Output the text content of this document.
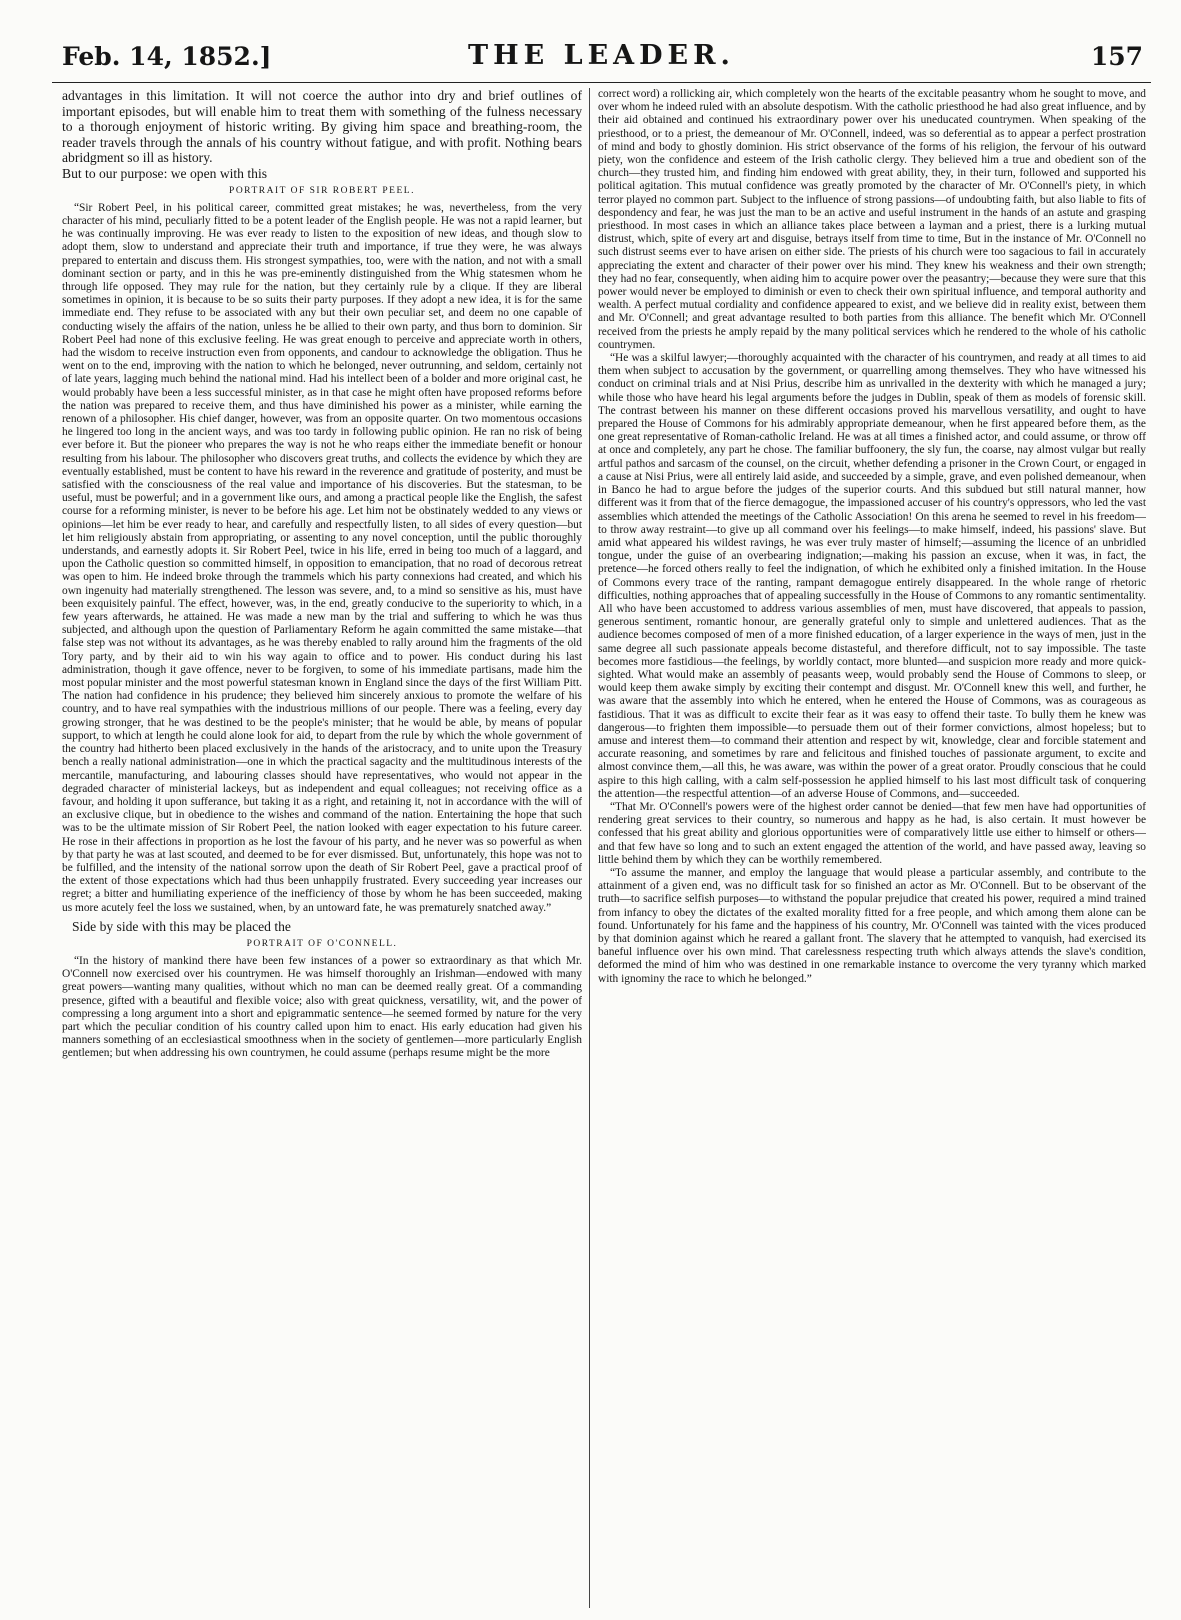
Feb. 14, 1852.]	THE LEADER.	157

advantages in this limitation. It will not coerce the author into dry and brief outlines of important episodes, but will enable him to treat them with something of the fulness necessary to a thorough enjoyment of historic writing. By giving him space and breathing-room, the reader travels through the annals of his country without fatigue, and with profit. Nothing bears abridgment so ill as history.

But to our purpose: we open with this

PORTRAIT OF SIR ROBERT PEEL.

“Sir Robert Peel, in his political career, committed great mistakes; he was, nevertheless, from the very character of his mind, peculiarly fitted to be a potent leader of the English people. He was not a rapid learner, but he was continually improving. He was ever ready to listen to the exposition of new ideas, and though slow to adopt them, slow to understand and appreciate their truth and importance, if true they were, he was always prepared to entertain and discuss them. His strongest sympathies, too, were with the nation, and not with a small dominant section or party, and in this he was pre-eminently distinguished from the Whig statesmen whom he through life opposed. They may rule for the nation, but they certainly rule by a clique. If they are liberal sometimes in opinion, it is because to be so suits their party purposes. If they adopt a new idea, it is for the same immediate end. They refuse to be associated with any but their own peculiar set, and deem no one capable of conducting wisely the affairs of the nation, unless he be allied to their own party, and thus born to dominion. Sir Robert Peel had none of this exclusive feeling. He was great enough to perceive and appreciate worth in others, had the wisdom to receive instruction even from opponents, and candour to acknowledge the obligation. Thus he went on to the end, improving with the nation to which he belonged, never outrunning, and seldom, certainly not of late years, lagging much behind the national mind. Had his intellect been of a bolder and more original cast, he would probably have been a less successful minister, as in that case he might often have proposed reforms before the nation was prepared to receive them, and thus have diminished his power as a minister, while earning the renown of a philosopher. His chief danger, however, was from an opposite quarter. On two momentous occasions he lingered too long in the ancient ways, and was too tardy in following public opinion. He ran no risk of being ever before it. But the pioneer who prepares the way is not he who reaps either the immediate benefit or honour resulting from his labour. The philosopher who discovers great truths, and collects the evidence by which they are eventually established, must be content to have his reward in the reverence and gratitude of posterity, and must be satisfied with the consciousness of the real value and importance of his discoveries. But the statesman, to be useful, must be powerful; and in a government like ours, and among a practical people like the English, the safest course for a reforming minister, is never to be before his age. Let him not be obstinately wedded to any views or opinions—let him be ever ready to hear, and carefully and respectfully listen, to all sides of every question—but let him religiously abstain from appropriating, or assenting to any novel conception, until the public thoroughly understands, and earnestly adopts it. Sir Robert Peel, twice in his life, erred in being too much of a laggard, and upon the Catholic question so committed himself, in opposition to emancipation, that no road of decorous retreat was open to him. He indeed broke through the trammels which his party connexions had created, and which his own ingenuity had materially strengthened. The lesson was severe, and, to a mind so sensitive as his, must have been exquisitely painful. The effect, however, was, in the end, greatly conducive to the superiority to which, in a few years afterwards, he attained. He was made a new man by the trial and suffering to which he was thus subjected, and although upon the question of Parliamentary Reform he again committed the same mistake—that false step was not without its advantages, as he was thereby enabled to rally around him the fragments of the old Tory party, and by their aid to win his way again to office and to power. His conduct during his last administration, though it gave offence, never to be forgiven, to some of his immediate partisans, made him the most popular minister and the most powerful statesman known in England since the days of the first William Pitt. The nation had confidence in his prudence; they believed him sincerely anxious to promote the welfare of his country, and to have real sympathies with the industrious millions of our people. There was a feeling, every day growing stronger, that he was destined to be the people's minister; that he would be able, by means of popular support, to which at length he could alone look for aid, to depart from the rule by which the whole government of the country had hitherto been placed exclusively in the hands of the aristocracy, and to unite upon the Treasury bench a really national administration—one in which the practical sagacity and the multitudinous interests of the mercantile, manufacturing, and labouring classes should have representatives, who would not appear in the degraded character of ministerial lackeys, but as independent and equal colleagues; not receiving office as a favour, and holding it upon sufferance, but taking it as a right, and retaining it, not in accordance with the will of an exclusive clique, but in obedience to the wishes and command of the nation. Entertaining the hope that such was to be the ultimate mission of Sir Robert Peel, the nation looked with eager expectation to his future career. He rose in their affections in proportion as he lost the favour of his party, and he never was so powerful as when by that party he was at last scouted, and deemed to be for ever dismissed. But, unfortunately, this hope was not to be fulfilled, and the intensity of the national sorrow upon the death of Sir Robert Peel, gave a practical proof of the extent of those expectations which had thus been unhappily frustrated. Every succeeding year increases our regret; a bitter and humiliating experience of the inefficiency of those by whom he has been succeeded, making us more acutely feel the loss we sustained, when, by an untoward fate, he was prematurely snatched away.”

Side by side with this may be placed the

PORTRAIT OF O'CONNELL.

“In the history of mankind there have been few instances of a power so extraordinary as that which Mr. O'Connell now exercised over his countrymen. He was himself thoroughly an Irishman—endowed with many great powers—wanting many qualities, without which no man can be deemed really great. Of a commanding presence, gifted with a beautiful and flexible voice; also with great quickness, versatility, wit, and the power of compressing a long argument into a short and epigrammatic sentence—he seemed formed by nature for the very part which the peculiar condition of his country called upon him to enact. His early education had given his manners something of an ecclesiastical smoothness when in the society of gentlemen—more particularly English gentlemen; but when addressing his own countrymen, he could assume (perhaps resume might be the more

correct word) a rollicking air, which completely won the hearts of the excitable peasantry whom he sought to move, and over whom he indeed ruled with an absolute despotism. With the catholic priesthood he had also great influence, and by their aid obtained and continued his extraordinary power over his uneducated countrymen. When speaking of the priesthood, or to a priest, the demeanour of Mr. O'Connell, indeed, was so deferential as to appear a perfect prostration of mind and body to ghostly dominion. His strict observance of the forms of his religion, the fervour of his outward piety, won the confidence and esteem of the Irish catholic clergy. They believed him a true and obedient son of the church—they trusted him, and finding him endowed with great ability, they, in their turn, followed and supported his political agitation. This mutual confidence was greatly promoted by the character of Mr. O'Connell's piety, in which terror played no common part. Subject to the influence of strong passions—of undoubting faith, but also liable to fits of despondency and fear, he was just the man to be an active and useful instrument in the hands of an astute and grasping priesthood. In most cases in which an alliance takes place between a layman and a priest, there is a lurking mutual distrust, which, spite of every art and disguise, betrays itself from time to time, But in the instance of Mr. O'Connell no such distrust seems ever to have arisen on either side. The priests of his church were too sagacious to fail in accurately appreciating the extent and character of their power over his mind. They knew his weakness and their own strength; they had no fear, consequently, when aiding him to acquire power over the peasantry;—because they were sure that this power would never be employed to diminish or even to check their own spiritual influence, and temporal authority and wealth. A perfect mutual cordiality and confidence appeared to exist, and we believe did in reality exist, between them and Mr. O'Connell; and great advantage resulted to both parties from this alliance. The benefit which Mr. O'Connell received from the priests he amply repaid by the many political services which he rendered to the whole of his catholic countrymen.

“He was a skilful lawyer;—thoroughly acquainted with the character of his countrymen, and ready at all times to aid them when subject to accusation by the government, or quarrelling among themselves. They who have witnessed his conduct on criminal trials and at Nisi Prius, describe him as unrivalled in the dexterity with which he managed a jury; while those who have heard his legal arguments before the judges in Dublin, speak of them as models of forensic skill. The contrast between his manner on these different occasions proved his marvellous versatility, and ought to have prepared the House of Commons for his admirably appropriate demeanour, when he first appeared before them, as the one great representative of Roman-catholic Ireland. He was at all times a finished actor, and could assume, or throw off at once and completely, any part he chose. The familiar buffoonery, the sly fun, the coarse, nay almost vulgar but really artful pathos and sarcasm of the counsel, on the circuit, whether defending a prisoner in the Crown Court, or engaged in a cause at Nisi Prius, were all entirely laid aside, and succeeded by a simple, grave, and even polished demeanour, when in Banco he had to argue before the judges of the superior courts. And this subdued but still natural manner, how different was it from that of the fierce demagogue, the impassioned accuser of his country's oppressors, who led the vast assemblies which attended the meetings of the Catholic Association! On this arena he seemed to revel in his freedom—to throw away restraint—to give up all command over his feelings—to make himself, indeed, his passions' slave. But amid what appeared his wildest ravings, he was ever truly master of himself;—assuming the licence of an unbridled tongue, under the guise of an overbearing indignation;—making his passion an excuse, when it was, in fact, the pretence—he forced others really to feel the indignation, of which he exhibited only a finished imitation. In the House of Commons every trace of the ranting, rampant demagogue entirely disappeared. In the whole range of rhetoric difficulties, nothing approaches that of appealing successfully in the House of Commons to any romantic sentimentality. All who have been accustomed to address various assemblies of men, must have discovered, that appeals to passion, generous sentiment, romantic honour, are generally grateful only to simple and unlettered audiences. That as the audience becomes composed of men of a more finished education, of a larger experience in the ways of men, just in the same degree all such passionate appeals become distasteful, and therefore difficult, not to say impossible. The taste becomes more fastidious—the feelings, by worldly contact, more blunted—and suspicion more ready and more quick-sighted. What would make an assembly of peasants weep, would probably send the House of Commons to sleep, or would keep them awake simply by exciting their contempt and disgust. Mr. O'Connell knew this well, and further, he was aware that the assembly into which he entered, when he entered the House of Commons, was as courageous as fastidious. That it was as difficult to excite their fear as it was easy to offend their taste. To bully them he knew was dangerous—to frighten them impossible—to persuade them out of their former convictions, almost hopeless; but to amuse and interest them—to command their attention and respect by wit, knowledge, clear and forcible statement and accurate reasoning, and sometimes by rare and felicitous and finished touches of passionate argument, to excite and almost convince them,—all this, he was aware, was within the power of a great orator. Proudly conscious that he could aspire to this high calling, with a calm self-possession he applied himself to his last most difficult task of conquering the attention—the respectful attention—of an adverse House of Commons, and—succeeded.

“That Mr. O'Connell's powers were of the highest order cannot be denied—that few men have had opportunities of rendering great services to their country, so numerous and happy as he had, is also certain. It must however be confessed that his great ability and glorious opportunities were of comparatively little use either to himself or others—and that few have so long and to such an extent engaged the attention of the world, and have passed away, leaving so little behind them by which they can be worthily remembered.

“To assume the manner, and employ the language that would please a particular assembly, and contribute to the attainment of a given end, was no difficult task for so finished an actor as Mr. O'Connell. But to be observant of the truth—to sacrifice selfish purposes—to withstand the popular prejudice that created his power, required a mind trained from infancy to obey the dictates of the exalted morality fitted for a free people, and which among them alone can be found. Unfortunately for his fame and the happiness of his country, Mr. O'Connell was tainted with the vices produced by that dominion against which he reared a gallant front. The slavery that he attempted to vanquish, had exercised its baneful influence over his own mind. That carelessness respecting truth which always attends the slave's condition, deformed the mind of him who was destined in one remarkable instance to overcome the very tyranny which marked with ignominy the race to which he belonged.”
